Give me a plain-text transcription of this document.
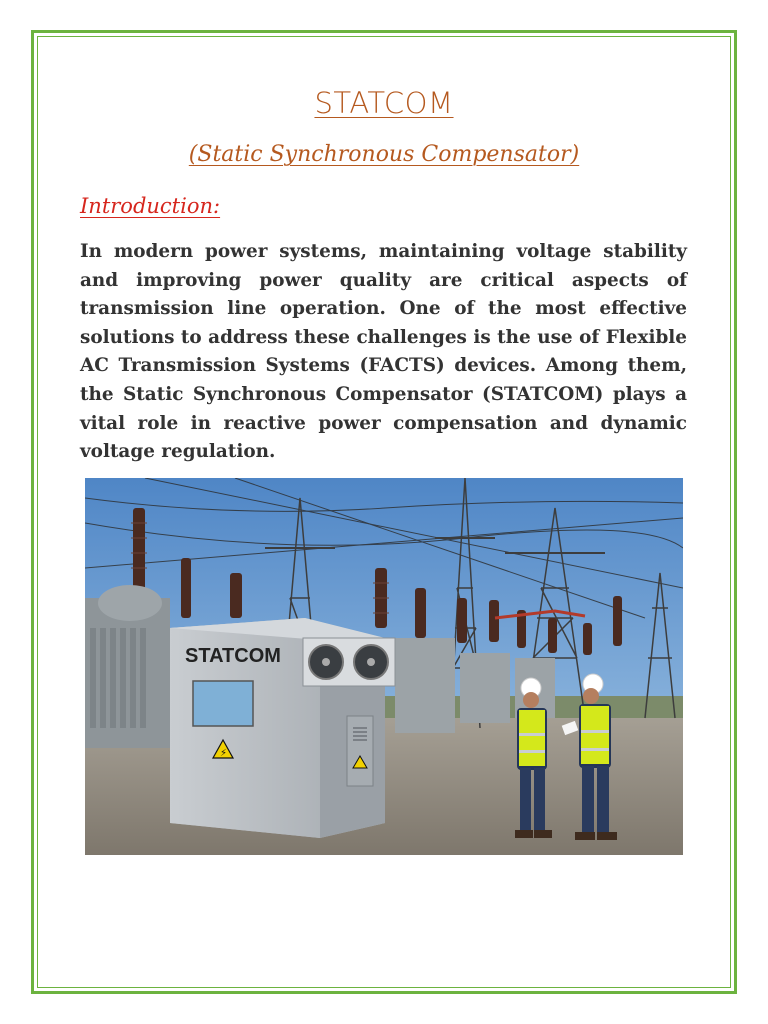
STATCOM
(Static Synchronous Compensator)
Introduction:

In modern power systems, maintaining voltage stability and improving power quality are critical aspects of transmission line operation. One of the most effective solutions to address these challenges is the use of Flexible AC Transmission Systems (FACTS) devices. Among them, the Static Synchronous Compensator (STATCOM) plays a vital role in reactive power compensation and dynamic voltage regulation.

STATCOM
⚡
